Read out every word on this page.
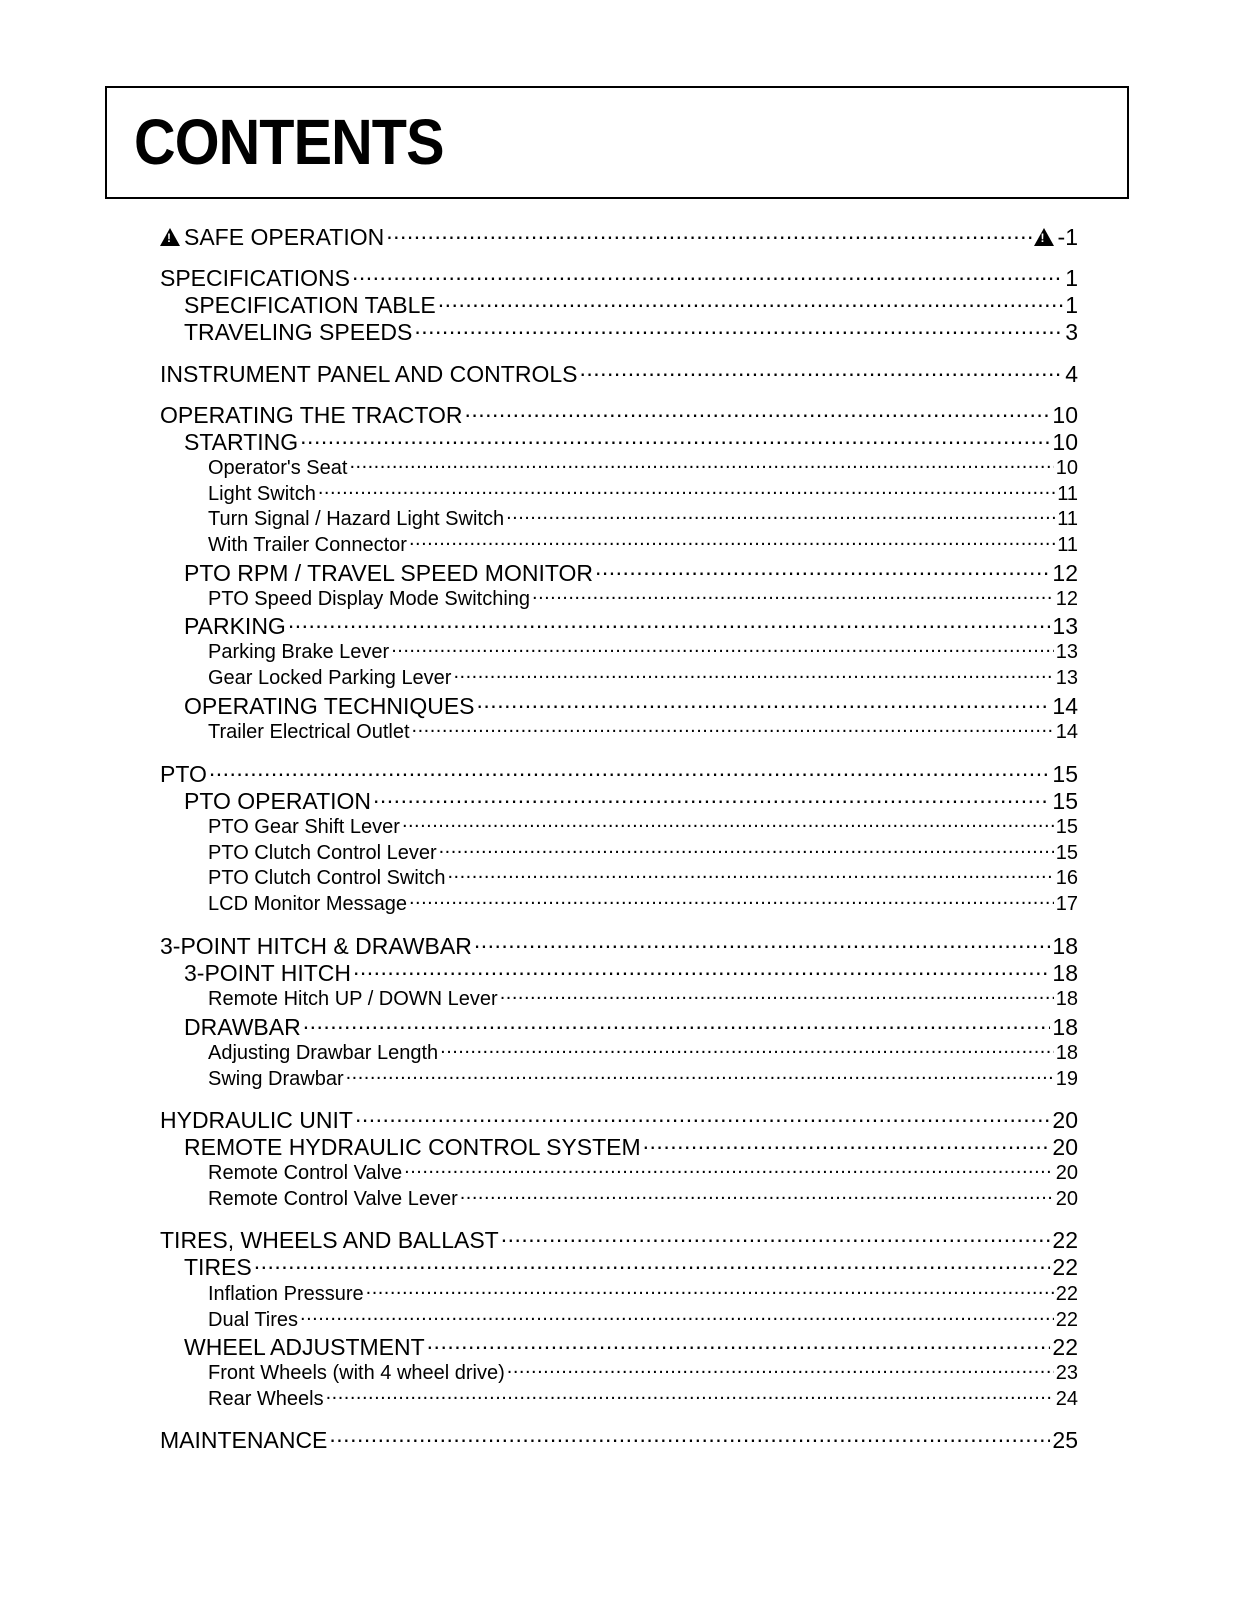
CONTENTS
!
SAFE OPERATION ..... !	-1
SPECIFICATIONS .....	1
SPECIFICATION TABLE .....	1
TRAVELING SPEEDS .....	3
INSTRUMENT PANEL AND CONTROLS .....	4
OPERATING THE TRACTOR .....	10
STARTING .....	10
Operator's Seat .....	10
Light Switch .....	11
Turn Signal / Hazard Light Switch .....	11
With Trailer Connector .....	11
PTO RPM / TRAVEL SPEED MONITOR .....	12
PTO Speed Display Mode Switching .....	12
PARKING .....	13
Parking Brake Lever .....	13
Gear Locked Parking Lever .....	13
OPERATING TECHNIQUES .....	14
Trailer Electrical Outlet .....	14
PTO .....	15
PTO OPERATION .....	15
PTO Gear Shift Lever .....	15
PTO Clutch Control Lever .....	15
PTO Clutch Control Switch .....	16
LCD Monitor Message .....	17
3-POINT HITCH & DRAWBAR .....	18
3-POINT HITCH .....	18
Remote Hitch UP / DOWN Lever .....	18
DRAWBAR .....	18
Adjusting Drawbar Length .....	18
Swing Drawbar .....	19
HYDRAULIC UNIT .....	20
REMOTE HYDRAULIC CONTROL SYSTEM .....	20
Remote Control Valve .....	20
Remote Control Valve Lever .....	20
TIRES, WHEELS AND BALLAST .....	22
TIRES .....	22
Inflation Pressure .....	22
Dual Tires .....	22
WHEEL ADJUSTMENT .....	22
Front Wheels (with 4 wheel drive) .....	23
Rear Wheels .....	24
MAINTENANCE .....	25
